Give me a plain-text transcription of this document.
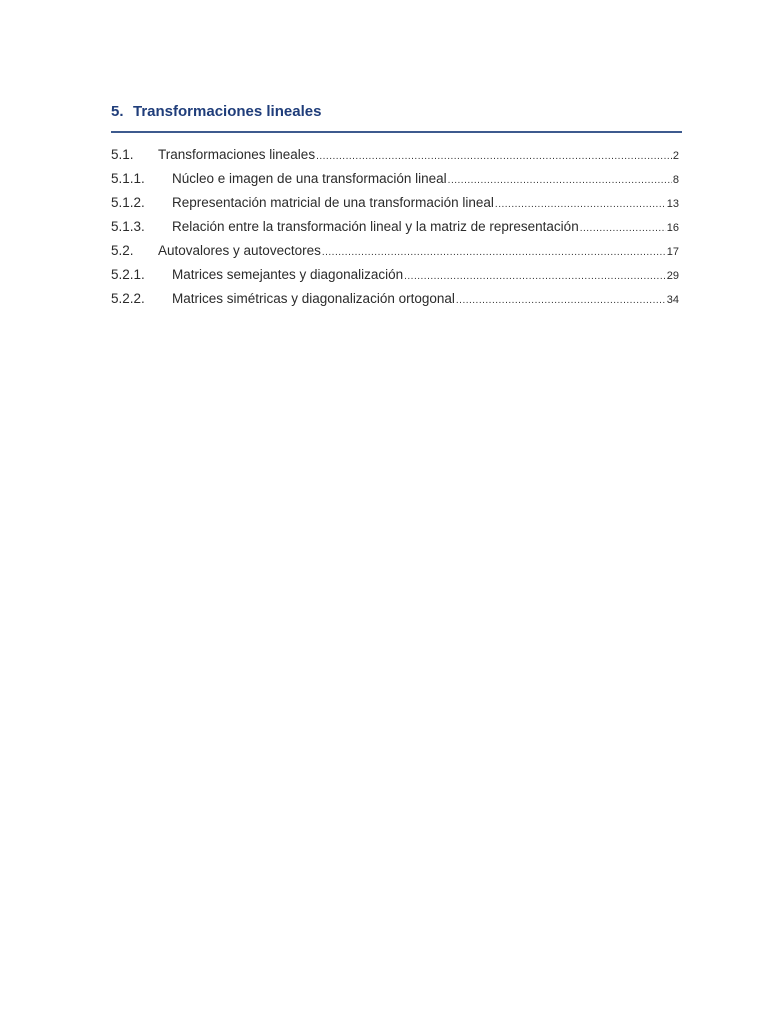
5. Transformaciones lineales
5.1.	Transformaciones lineales .....	2
5.1.1.	Núcleo e imagen de una transformación lineal .....	8
5.1.2.	Representación matricial de una transformación lineal .....	13
5.1.3.	Relación entre la transformación lineal y la matriz de representación .....	16
5.2.	Autovalores y autovectores .....	17
5.2.1.	Matrices semejantes y diagonalización .....	29
5.2.2.	Matrices simétricas y diagonalización ortogonal .....	34
